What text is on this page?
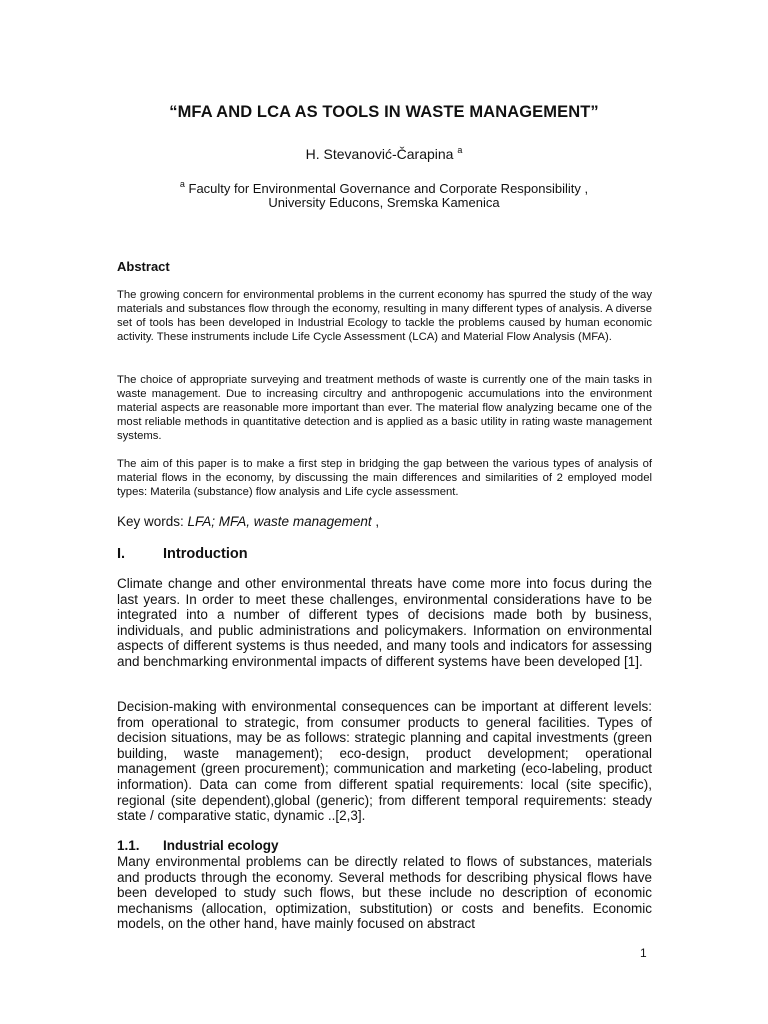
“MFA AND LCA AS TOOLS IN WASTE MANAGEMENT”
H. Stevanović-Čarapina $^a$
$^a$ Faculty for Environmental Governance and Corporate Responsibility ,
University Educons, Sremska Kamenica
Abstract

The growing concern for environmental problems in the current economy has spurred the study of the way materials and substances flow through the economy, resulting in many different types of analysis. A diverse set of tools has been developed in Industrial Ecology to tackle the problems caused by human economic activity. These instruments include Life Cycle Assessment (LCA) and Material Flow Analysis (MFA).

The choice of appropriate surveying and treatment methods of waste is currently one of the main tasks in waste management. Due to increasing circultry and anthropogenic accumulations into the environment material aspects are reasonable more important than ever. The material flow analyzing became one of the most reliable methods in quantitative detection and is applied as a basic utility in rating waste management systems.

The aim of this paper is to make a first step in bridging the gap between the various types of analysis of material flows in the economy, by discussing the main differences and similarities of 2 employed model types: Materila (substance) flow analysis and Life cycle assessment.

Key words: LFA; MFA, waste management ,
I.	Introduction

Climate change and other environmental threats have come more into focus during the last years. In order to meet these challenges, environmental considerations have to be integrated into a number of different types of decisions made both by business, individuals, and public administrations and policymakers. Information on environmental aspects of different systems is thus needed, and many tools and indicators for assessing and benchmarking environmental impacts of different systems have been developed [1].

Decision-making with environmental consequences can be important at different levels: from operational to strategic, from consumer products to general facilities. Types of decision situations, may be as follows: strategic planning and capital investments (green building, waste management); eco-design, product development; operational management (green procurement); communication and marketing (eco-labeling, product information). Data can come from different spatial requirements: local (site specific), regional (site dependent),global (generic); from different temporal requirements: steady state / comparative static, dynamic ..[2,3].

1.1. Industrial ecology

Many environmental problems can be directly related to flows of substances, materials and products through the economy. Several methods for describing physical flows have been developed to study such flows, but these include no description of economic mechanisms (allocation, optimization, substitution) or costs and benefits. Economic models, on the other hand, have mainly focused on abstract

1
